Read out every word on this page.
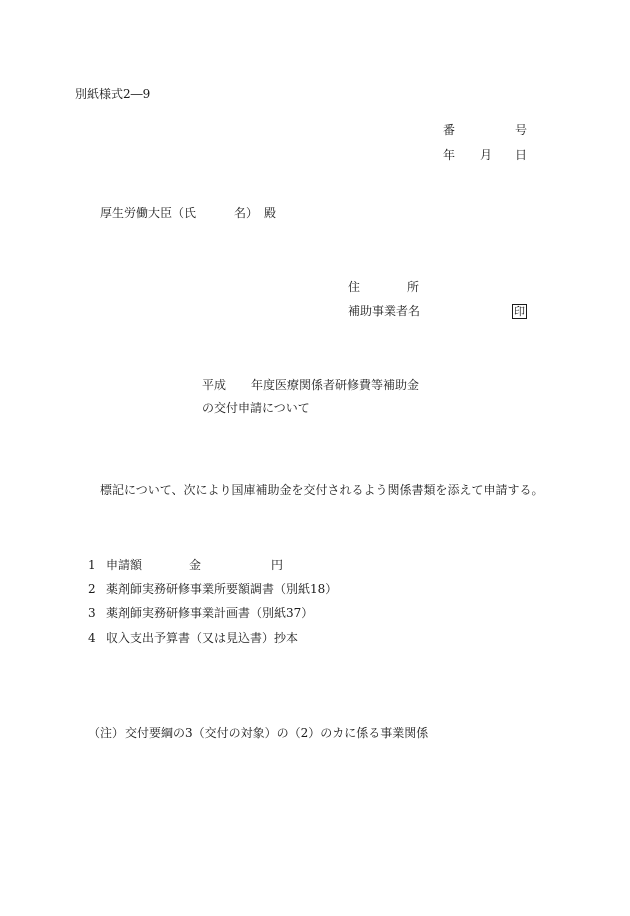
別紙様式2―9
番	号
年 月 日
厚生労働大臣（氏	名） 殿
住	所
補助事業者名	印
平成 年度医療関係者研修費等補助金
の交付申請について
標記について、次により国庫補助金を交付されるよう関係書類を添えて申請する。
1 申請額	金	円
2 薬剤師実務研修事業所要額調書（別紙18）
3 薬剤師実務研修事業計画書（別紙37）
4 収入支出予算書（又は見込書）抄本
（注） 交付要綱の3（交付の対象）の（2）のカに係る事業関係
